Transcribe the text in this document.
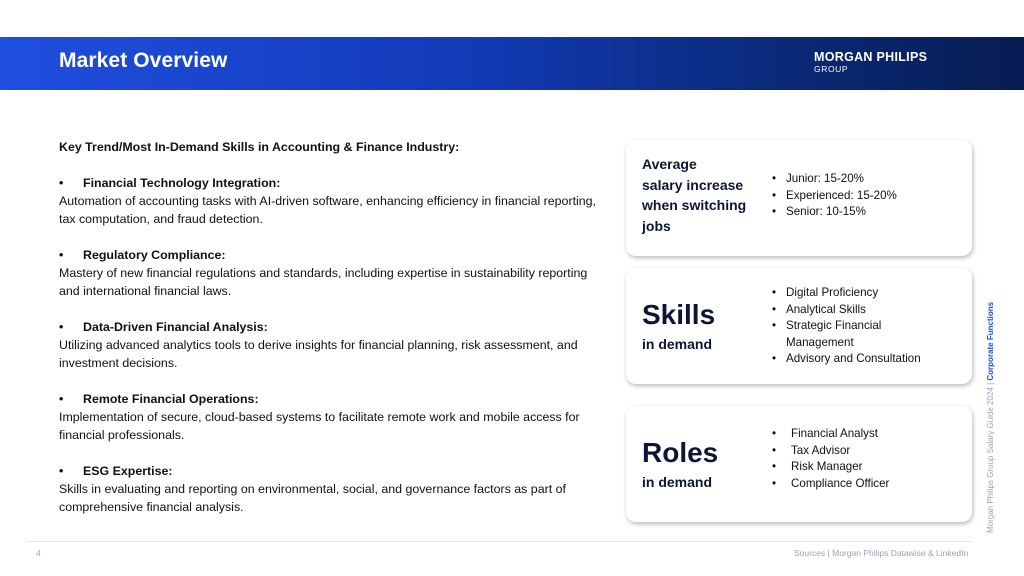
Market Overview	MORGAN PHILIPS
GROUP
Key Trend/Most In-Demand Skills in Accounting & Finance Industry:
• Financial Technology Integration:
Automation of accounting tasks with AI-driven software, enhancing efficiency in financial reporting, tax computation, and fraud detection.
• Regulatory Compliance:
Mastery of new financial regulations and standards, including expertise in sustainability reporting and international financial laws.
• Data-Driven Financial Analysis:
Utilizing advanced analytics tools to derive insights for financial planning, risk assessment, and investment decisions.
• Remote Financial Operations:
Implementation of secure, cloud-based systems to facilitate remote work and mobile access for financial professionals.
• ESG Expertise:
Skills in evaluating and reporting on environmental, social, and governance factors as part of comprehensive financial analysis.
Average
salary increase
when switching
jobs
• Junior: 15-20%
• Experienced: 15-20%
• Senior: 10-15%
Skills
in demand
• Digital Proficiency
• Analytical Skills
• Strategic Financial
Management
• Advisory and Consultation
Roles
in demand
• Financial Analyst
• Tax Advisor
• Risk Manager
• Compliance Officer	Morgan Philips Group Salary Guide 2024 | Corporate Functions
4	Sources | Morgan Philips Datawise & LinkedIn
